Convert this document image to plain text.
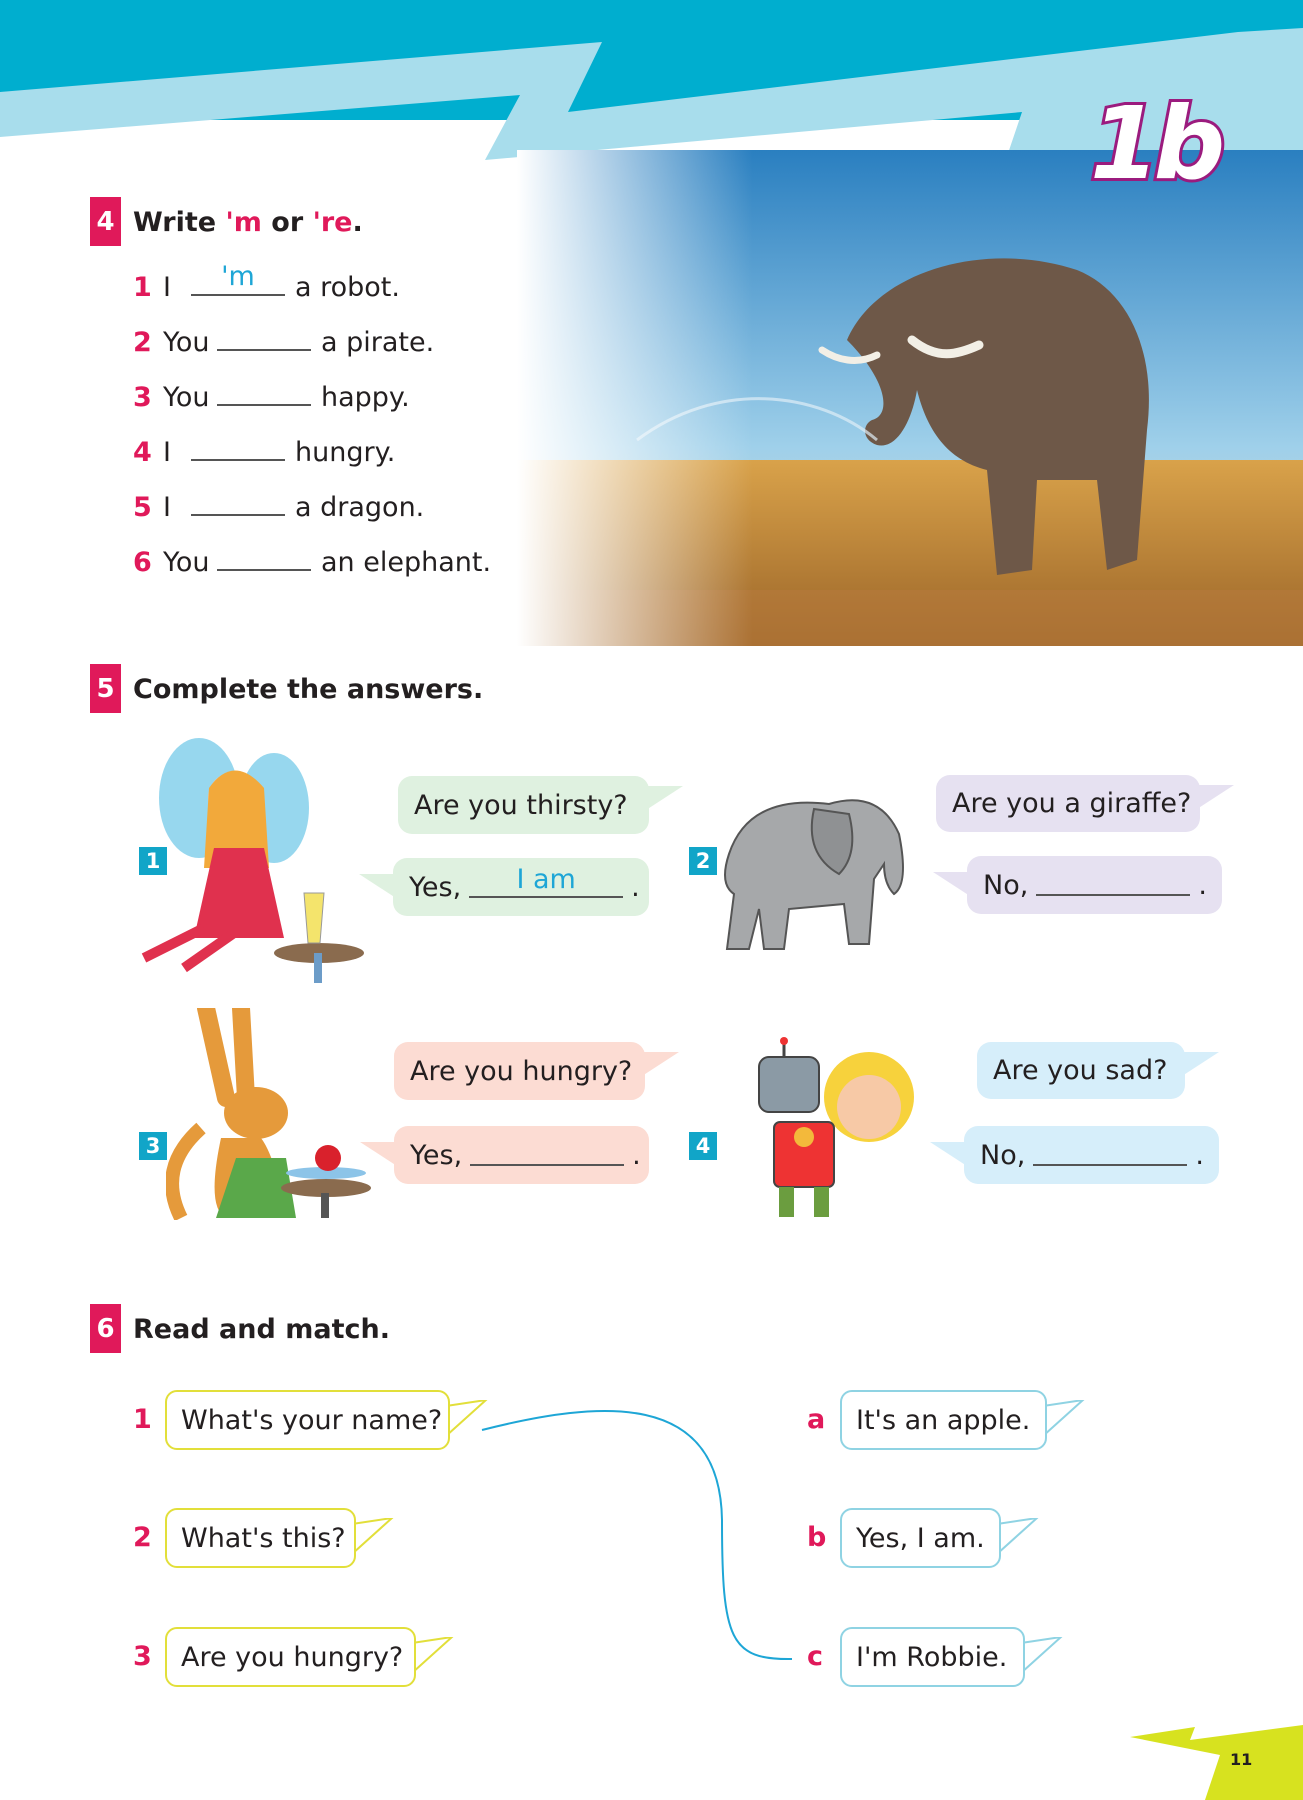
1b
4 Write 'm or 're.
1 I	'm	a robot.
2 You	a pirate.
3 You	happy.
4 I	hungry.
5 I	a dragon.
6 You	an elephant.
5 Complete the answers.
1
Are you thirsty?
Yes,	I am	.
2
Are you a giraffe?
No,	.
3
Are you hungry?
Yes,	.	4
Are you sad?
No,	.
6 Read and match.
1 What's your name?
2 What's this?
3 Are you hungry?
a It's an apple.
b Yes, I am.
c I'm Robbie.
11
